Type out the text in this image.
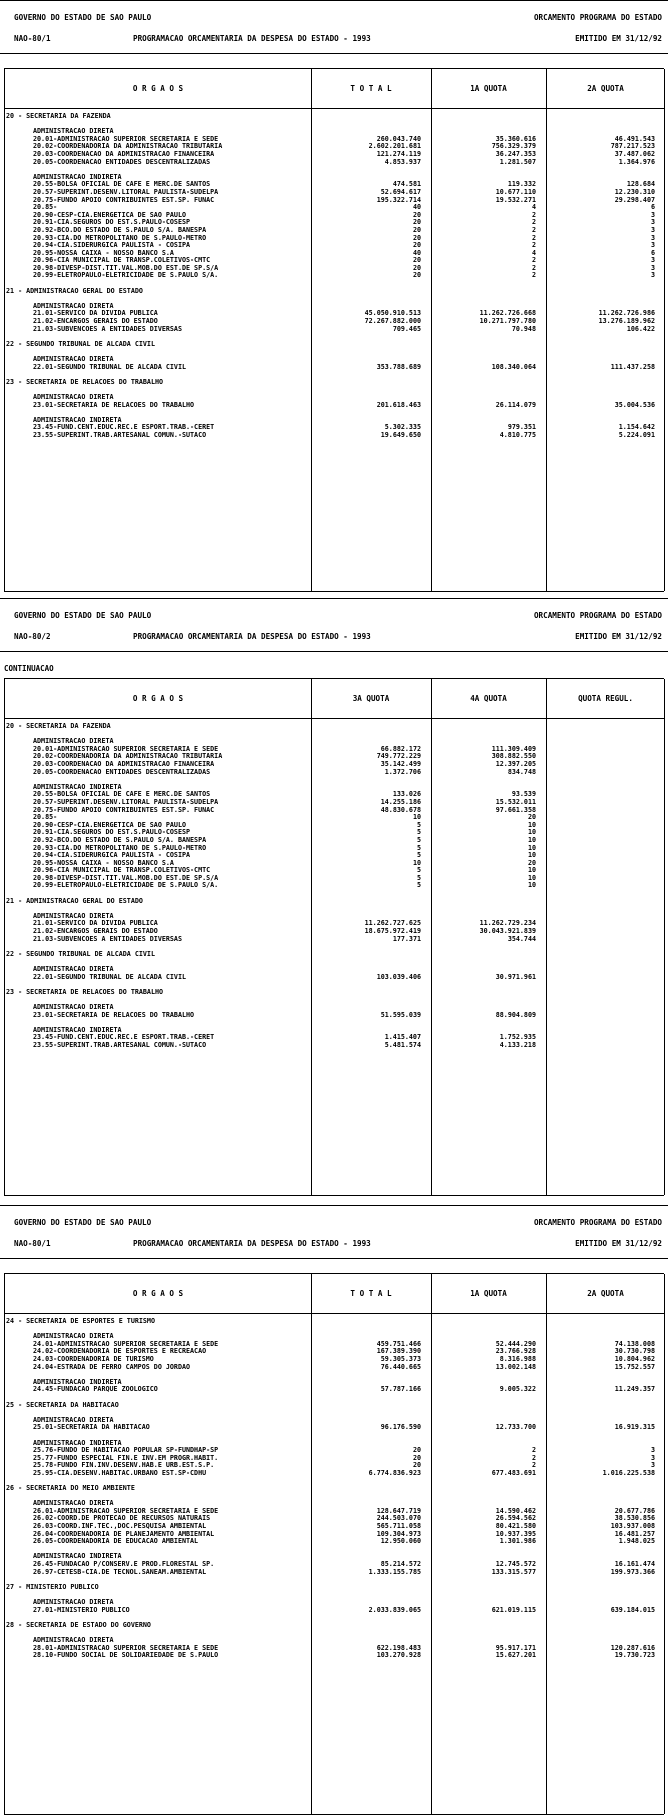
GOVERNO DO ESTADO DE SAO PAULO	ORCAMENTO PROGRAMA DO ESTADO
NAO-80/1	PROGRAMACAO ORCAMENTARIA DA DESPESA DO ESTADO - 1993	EMITIDO EM 31/12/92
O R G A O S	T O T A L	1A QUOTA	2A QUOTA
20 - SECRETARIA DA FAZENDA
ADMINISTRACAO DIRETA
20.01-ADMINISTRACAO SUPERIOR SECRETARIA E SEDE	260.043.740	35.360.616	46.491.543
20.02-COORDENADORIA DA ADMINISTRACAO TRIBUTARIA	2.602.201.681	756.329.379	787.217.523
20.03-COORDENACAO DA ADMINISTRACAO FINANCEIRA	121.274.119	36.247.353	37.487.062
20.05-COORDENACAO ENTIDADES DESCENTRALIZADAS	4.853.937	1.281.507	1.364.976
ADMINISTRACAO INDIRETA
20.55-BOLSA OFICIAL DE CAFE E MERC.DE SANTOS	474.581	119.332	128.684
20.57-SUPERINT.DESENV.LITORAL PAULISTA-SUDELPA	52.694.617	10.677.110	12.230.310
20.75-FUNDO APOIO CONTRIBUINTES EST.SP. FUNAC	195.322.714	19.532.271	29.298.407
20.85-	40	4	6
20.90-CESP-CIA.ENERGETICA DE SAO PAULO	20	2	3
20.91-CIA.SEGUROS DO EST.S.PAULO-COSESP	20	2	3
20.92-BCO.DO ESTADO DE S.PAULO S/A. BANESPA	20	2	3
20.93-CIA.DO METROPOLITANO DE S.PAULO-METRO	20	2	3
20.94-CIA.SIDERURGICA PAULISTA - COSIPA	20	2	3
20.95-NOSSA CAIXA - NOSSO BANCO S.A	40	4	6
20.96-CIA MUNICIPAL DE TRANSP.COLETIVOS-CMTC	20	2	3
20.98-DIVESP-DIST.TIT.VAL.MOB.DO EST.DE SP.S/A	20	2	3
20.99-ELETROPAULO-ELETRICIDADE DE S.PAULO S/A.	20	2	3
21 - ADMINISTRACAO GERAL DO ESTADO
ADMINISTRACAO DIRETA
21.01-SERVICO DA DIVIDA PUBLICA	45.050.910.513	11.262.726.668	11.262.726.986
21.02-ENCARGOS GERAIS DO ESTADO	72.267.882.000	10.271.797.780	13.276.189.962
21.03-SUBVENCOES A ENTIDADES DIVERSAS	709.465	70.948	106.422
22 - SEGUNDO TRIBUNAL DE ALCADA CIVIL
ADMINISTRACAO DIRETA
22.01-SEGUNDO TRIBUNAL DE ALCADA CIVIL	353.788.689	108.340.064	111.437.258
23 - SECRETARIA DE RELACOES DO TRABALHO
ADMINISTRACAO DIRETA
23.01-SECRETARIA DE RELACOES DO TRABALHO	201.618.463	26.114.079	35.004.536
ADMINISTRACAO INDIRETA
23.45-FUND.CENT.EDUC.REC.E ESPORT.TRAB.-CERET	5.302.335	979.351	1.154.642
23.55-SUPERINT.TRAB.ARTESANAL COMUN.-SUTACO	19.649.650	4.810.775	5.224.091
GOVERNO DO ESTADO DE SAO PAULO	ORCAMENTO PROGRAMA DO ESTADO
NAO-80/2	PROGRAMACAO ORCAMENTARIA DA DESPESA DO ESTADO - 1993	EMITIDO EM 31/12/92
CONTINUACAO
O R G A O S	3A QUOTA	4A QUOTA	QUOTA REGUL.
20 - SECRETARIA DA FAZENDA
ADMINISTRACAO DIRETA
20.01-ADMINISTRACAO SUPERIOR SECRETARIA E SEDE	66.882.172	111.309.409
20.02-COORDENADORIA DA ADMINISTRACAO TRIBUTARIA	749.772.229	308.882.550
20.03-COORDENACAO DA ADMINISTRACAO FINANCEIRA	35.142.499	12.397.205
20.05-COORDENACAO ENTIDADES DESCENTRALIZADAS	1.372.706	834.748
ADMINISTRACAO INDIRETA
20.55-BOLSA OFICIAL DE CAFE E MERC.DE SANTOS	133.026	93.539
20.57-SUPERINT.DESENV.LITORAL PAULISTA-SUDELPA	14.255.186	15.532.011
20.75-FUNDO APOIO CONTRIBUINTES EST.SP. FUNAC	48.830.678	97.661.358
20.85-	10	20
20.90-CESP-CIA.ENERGETICA DE SAO PAULO	5	10
20.91-CIA.SEGUROS DO EST.S.PAULO-COSESP	5	10
20.92-BCO.DO ESTADO DE S.PAULO S/A. BANESPA	5	10
20.93-CIA.DO METROPOLITANO DE S.PAULO-METRO	5	10
20.94-CIA.SIDERURGICA PAULISTA - COSIPA	5	10
20.95-NOSSA CAIXA - NOSSO BANCO S.A	10	20
20.96-CIA MUNICIPAL DE TRANSP.COLETIVOS-CMTC	5	10
20.98-DIVESP-DIST.TIT.VAL.MOB.DO EST.DE SP.S/A	5	10
20.99-ELETROPAULO-ELETRICIDADE DE S.PAULO S/A.	5	10
21 - ADMINISTRACAO GERAL DO ESTADO
ADMINISTRACAO DIRETA
21.01-SERVICO DA DIVIDA PUBLICA	11.262.727.625	11.262.729.234
21.02-ENCARGOS GERAIS DO ESTADO	18.675.972.419	30.043.921.839
21.03-SUBVENCOES A ENTIDADES DIVERSAS	177.371	354.744
22 - SEGUNDO TRIBUNAL DE ALCADA CIVIL
ADMINISTRACAO DIRETA
22.01-SEGUNDO TRIBUNAL DE ALCADA CIVIL	103.039.406	30.971.961
23 - SECRETARIA DE RELACOES DO TRABALHO
ADMINISTRACAO DIRETA
23.01-SECRETARIA DE RELACOES DO TRABALHO	51.595.039	88.904.809
ADMINISTRACAO INDIRETA
23.45-FUND.CENT.EDUC.REC.E ESPORT.TRAB.-CERET	1.415.407	1.752.935
23.55-SUPERINT.TRAB.ARTESANAL COMUN.-SUTACO	5.481.574	4.133.218
GOVERNO DO ESTADO DE SAO PAULO	ORCAMENTO PROGRAMA DO ESTADO
NAO-80/1	PROGRAMACAO ORCAMENTARIA DA DESPESA DO ESTADO - 1993	EMITIDO EM 31/12/92
O R G A O S	T O T A L	1A QUOTA	2A QUOTA
24 - SECRETARIA DE ESPORTES E TURISMO
ADMINISTRACAO DIRETA
24.01-ADMINISTRACAO SUPERIOR SECRETARIA E SEDE	459.751.466	52.444.290	74.138.008
24.02-COORDENADORIA DE ESPORTES E RECREACAO	167.389.390	23.766.928	30.730.798
24.03-COORDENADORIA DE TURISMO	59.305.373	8.316.988	10.804.962
24.04-ESTRADA DE FERRO CAMPOS DO JORDAO	76.440.665	13.002.148	15.752.557
ADMINISTRACAO INDIRETA
24.45-FUNDACAO PARQUE ZOOLOGICO	57.787.166	9.005.322	11.249.357
25 - SECRETARIA DA HABITACAO
ADMINISTRACAO DIRETA
25.01-SECRETARIA DA HABITACAO	96.176.590	12.733.700	16.919.315
ADMINISTRACAO INDIRETA
25.76-FUNDO DE HABITACAO POPULAR SP-FUNDHAP-SP	20	2	3
25.77-FUNDO ESPECIAL FIN.E INV.EM PROGR.HABIT.	20	2	3
25.78-FUNDO FIN.INV.DESENV.HAB.E URB.EST.S.P.	20	2	3
25.95-CIA.DESENV.HABITAC.URBANO EST.SP-CDHU	6.774.836.923	677.483.691	1.016.225.538
26 - SECRETARIA DO MEIO AMBIENTE
ADMINISTRACAO DIRETA
26.01-ADMINISTRACAO SUPERIOR SECRETARIA E SEDE	128.647.719	14.590.462	20.677.786
26.02-COORD.DE PROTECAO DE RECURSOS NATURAIS	244.503.070	26.594.562	38.530.856
26.03-COORD.INF.TEC.,DOC.PESQUISA AMBIENTAL	565.711.058	80.421.580	103.937.008
26.04-COORDENADORIA DE PLANEJAMENTO AMBIENTAL	109.304.973	10.937.395	16.481.257
26.05-COORDENADORIA DE EDUCACAO AMBIENTAL	12.950.060	1.301.986	1.948.025
ADMINISTRACAO INDIRETA
26.45-FUNDACAO P/CONSERV.E PROD.FLORESTAL SP.	85.214.572	12.745.572	16.161.474
26.97-CETESB-CIA.DE TECNOL.SANEAM.AMBIENTAL	1.333.155.785	133.315.577	199.973.366
27 - MINISTERIO PUBLICO
ADMINISTRACAO DIRETA
27.01-MINISTERIO PUBLICO	2.033.839.065	621.019.115	639.184.015
28 - SECRETARIA DE ESTADO DO GOVERNO
ADMINISTRACAO DIRETA
28.01-ADMINISTRACAO SUPERIOR SECRETARIA E SEDE	622.198.483	95.917.171	120.287.616
28.10-FUNDO SOCIAL DE SOLIDARIEDADE DE S.PAULO	103.270.928	15.627.201	19.730.723
